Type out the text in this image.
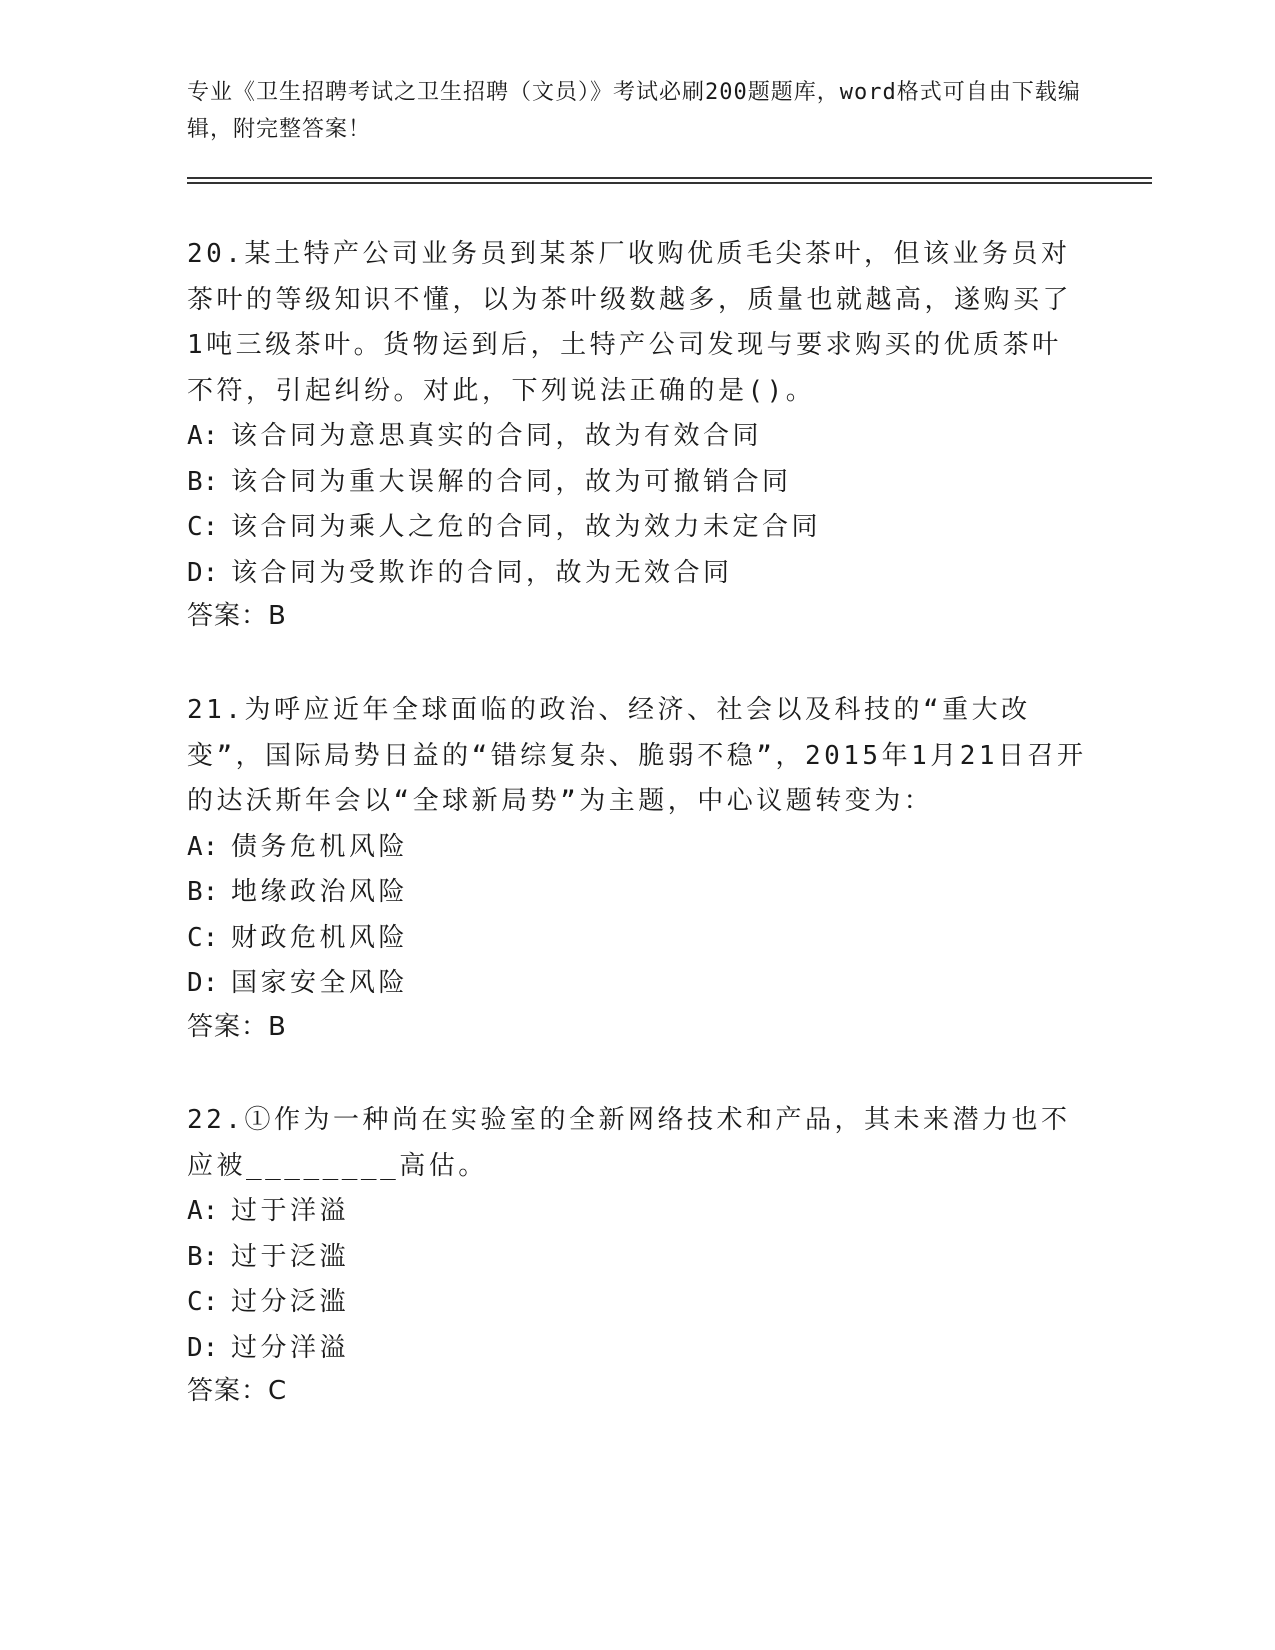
专业《卫生招聘考试之卫生招聘（文员）》考试必刷200题题库，word格式可自由下载编辑，附完整答案！
20.某土特产公司业务员到某茶厂收购优质毛尖茶叶，但该业务员对茶叶的等级知识不懂，以为茶叶级数越多，质量也就越高，遂购买了1吨三级茶叶。货物运到后，土特产公司发现与要求购买的优质茶叶不符，引起纠纷。对此，下列说法正确的是()。
A: 该合同为意思真实的合同，故为有效合同
B: 该合同为重大误解的合同，故为可撤销合同
C: 该合同为乘人之危的合同，故为效力未定合同
D: 该合同为受欺诈的合同，故为无效合同
答案：B
21.为呼应近年全球面临的政治、经济、社会以及科技的“重大改变”，国际局势日益的“错综复杂、脆弱不稳”，2015年1月21日召开的达沃斯年会以“全球新局势”为主题，中心议题转变为：
A: 债务危机风险
B: 地缘政治风险
C: 财政危机风险
D: 国家安全风险
答案：B
22.①作为一种尚在实验室的全新网络技术和产品，其未来潜力也不应被________高估。
A: 过于洋溢
B: 过于泛滥
C: 过分泛滥
D: 过分洋溢
答案：C
